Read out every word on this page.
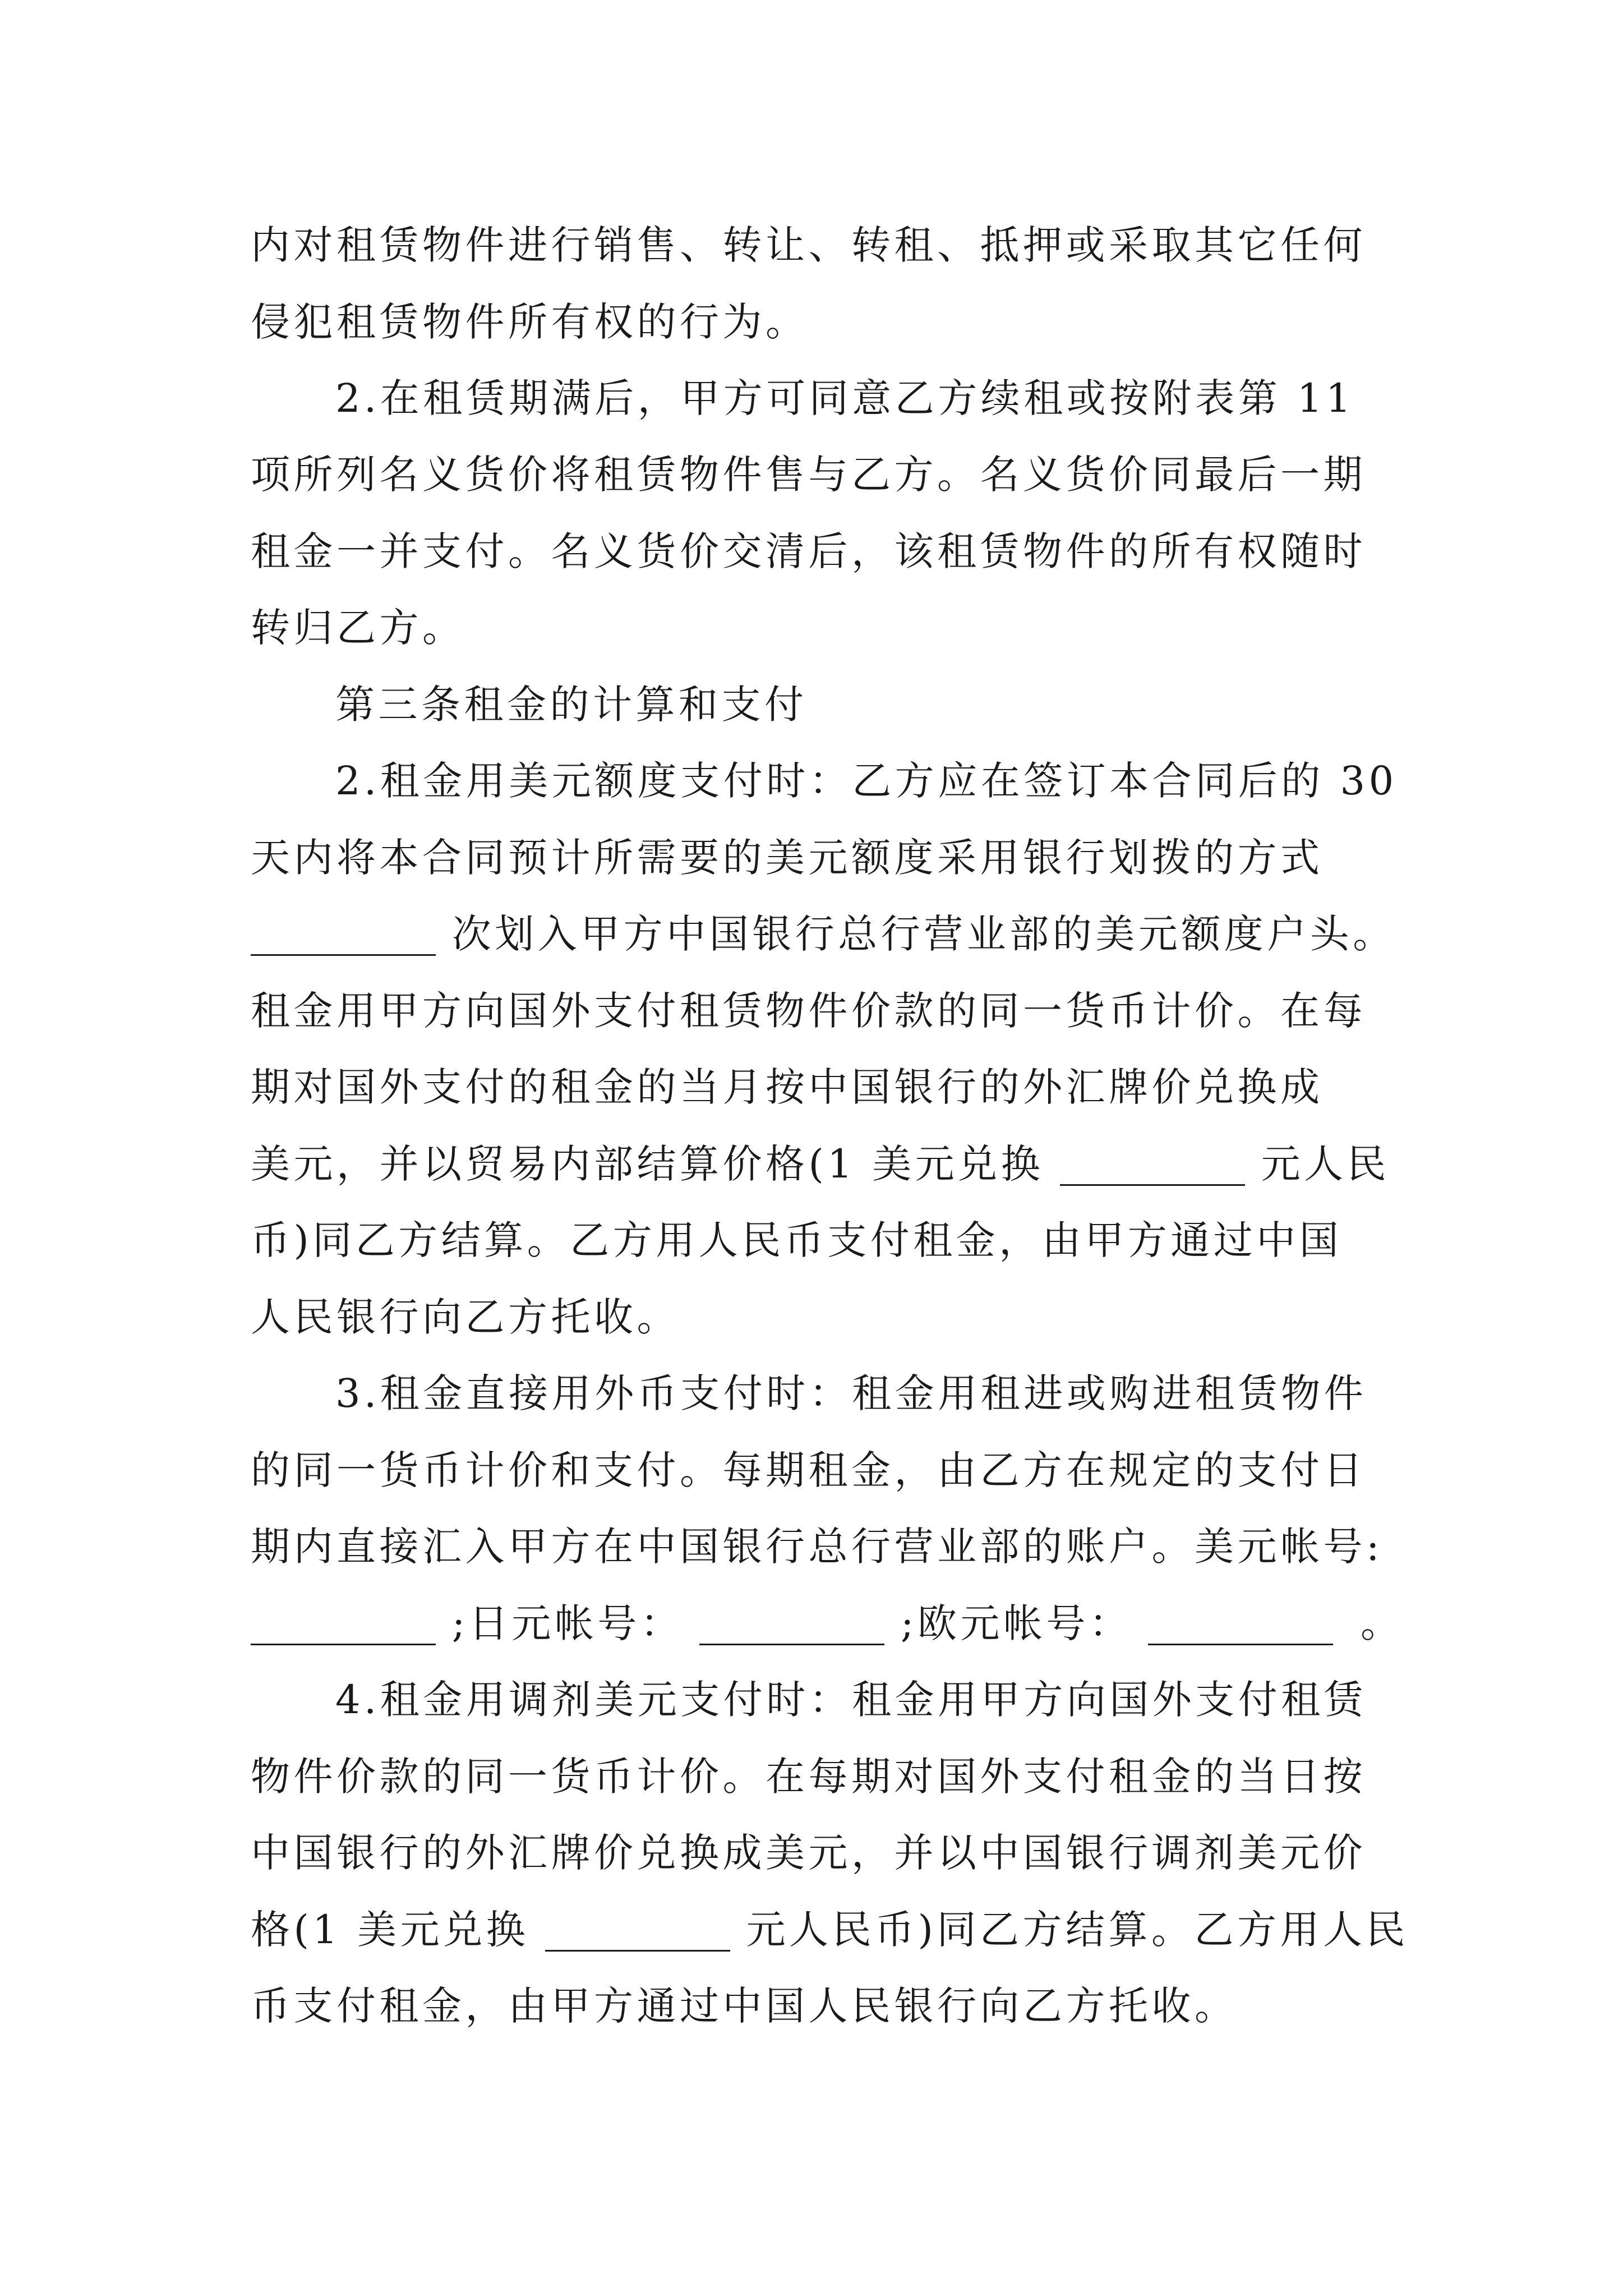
内对租赁物件进行销售、转让、转租、抵押或采取其它任何
侵犯租赁物件所有权的行为。
2.在租赁期满后，甲方可同意乙方续租或按附表第 11
项所列名义货价将租赁物件售与乙方。名义货价同最后一期
租金一并支付。名义货价交清后，该租赁物件的所有权随时
转归乙方。
第三条租金的计算和支付
2.租金用美元额度支付时：乙方应在签订本合同后的 30
天内将本合同预计所需要的美元额度采用银行划拨的方式
次划入甲方中国银行总行营业部的美元额度户头。
租金用甲方向国外支付租赁物件价款的同一货币计价。在每
期对国外支付的租金的当月按中国银行的外汇牌价兑换成
美元，并以贸易内部结算价格(1 美元兑换	元人民
币)同乙方结算。乙方用人民币支付租金，由甲方通过中国
人民银行向乙方托收。
3.租金直接用外币支付时：租金用租进或购进租赁物件
的同一货币计价和支付。每期租金，由乙方在规定的支付日
期内直接汇入甲方在中国银行总行营业部的账户。美元帐号:
;日元帐号：	;欧元帐号：	。
4.租金用调剂美元支付时：租金用甲方向国外支付租赁
物件价款的同一货币计价。在每期对国外支付租金的当日按
中国银行的外汇牌价兑换成美元，并以中国银行调剂美元价
格(1 美元兑换	元人民币)同乙方结算。乙方用人民
币支付租金，由甲方通过中国人民银行向乙方托收。
